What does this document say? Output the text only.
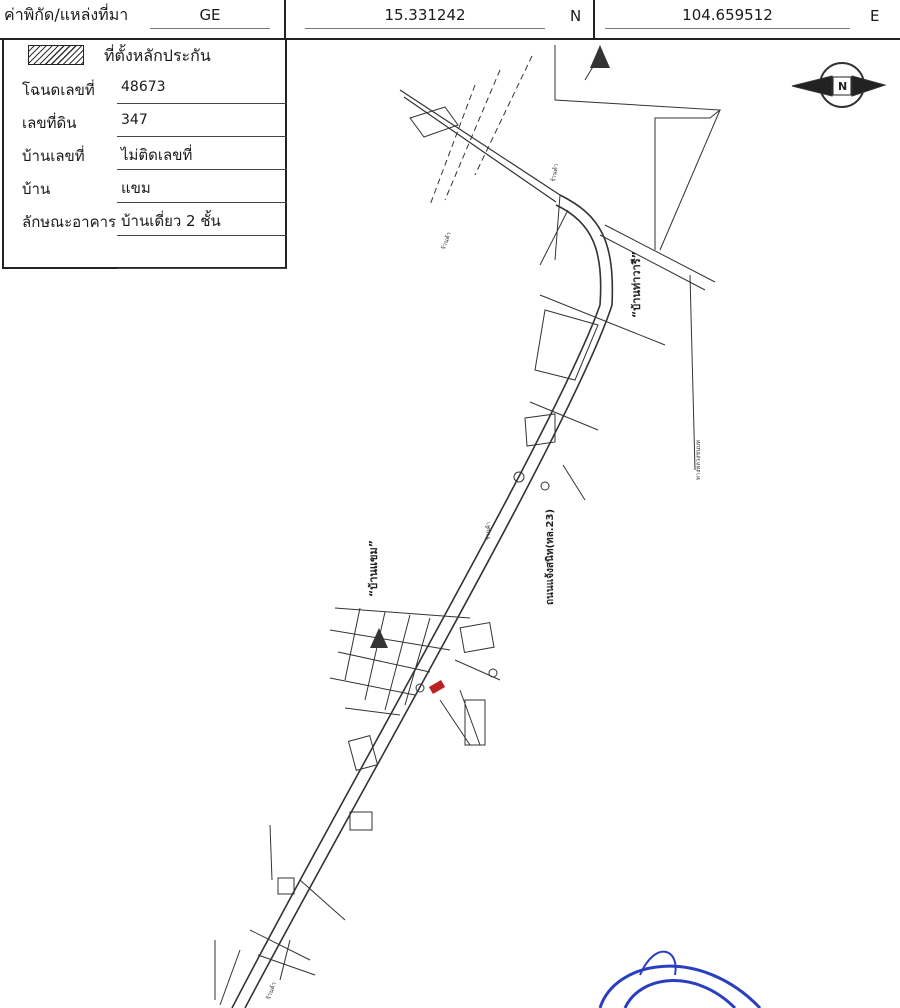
ค่าพิกัด/แหล่งที่มา	GE	15.331242	N	104.659512	E
ร้านค้า
ร้านค้า
ทางหลวงชนบท
ร้านค้า
ร้านค้า
“บ้านท่าวารี”
“บ้านแขม”	ถนนแจ้งสนิท(ทล.23)
N
ที่ตั้งหลักประกัน
โฉนดเลขที่ 48673
เลขที่ดิน	347
บ้านเลขที่ ไม่ติดเลขที่
บ้าน	แขม
ลักษณะอาคาร บ้านเดี่ยว 2 ชั้น
